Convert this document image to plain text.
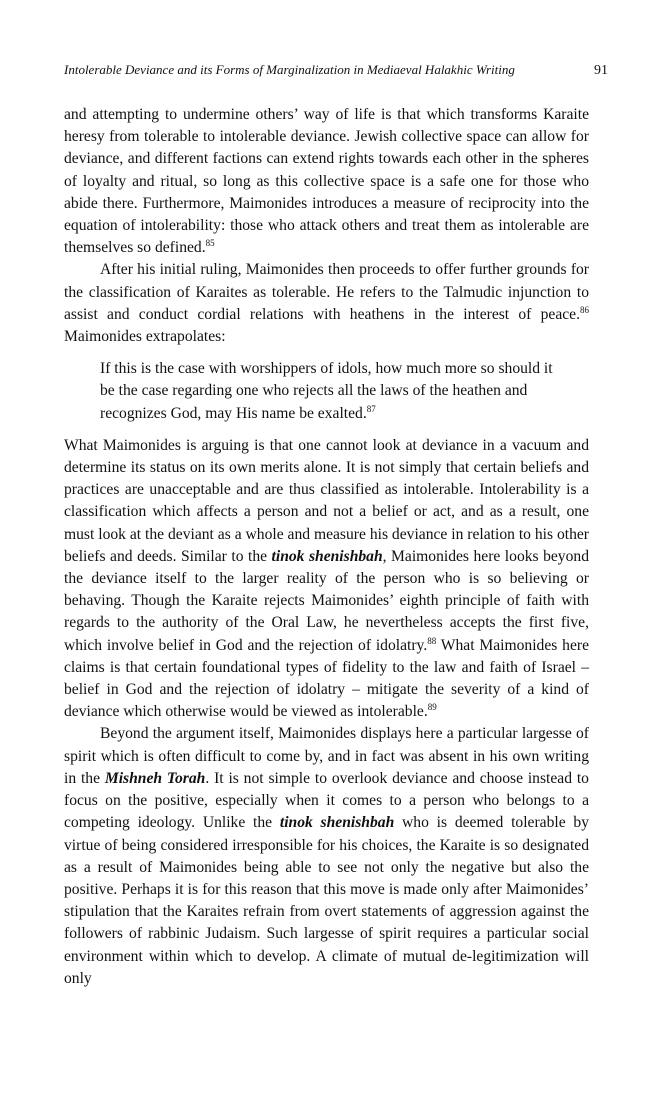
Intolerable Deviance and its Forms of Marginalization in Mediaeval Halakhic Writing	91

and attempting to undermine others’ way of life is that which transforms Karaite heresy from tolerable to intolerable deviance. Jewish collective space can allow for deviance, and different factions can extend rights towards each other in the spheres of loyalty and ritual, so long as this collective space is a safe one for those who abide there. Furthermore, Maimonides introduces a measure of reciprocity into the equation of intolerability: those who attack others and treat them as intolerable are themselves so defined.$^{85}$

After his initial ruling, Maimonides then proceeds to offer further grounds for the classification of Karaites as tolerable. He refers to the Talmudic injunction to assist and conduct cordial relations with heathens in the interest of peace.$^{86}$ Maimonides extrapolates:

If this is the case with worshippers of idols, how much more so should it be the case regarding one who rejects all the laws of the heathen and recognizes God, may His name be exalted.$^{87}$

What Maimonides is arguing is that one cannot look at deviance in a vacuum and determine its status on its own merits alone. It is not simply that certain beliefs and practices are unacceptable and are thus classified as intolerable. Intolerability is a classification which affects a person and not a belief or act, and as a result, one must look at the deviant as a whole and measure his deviance in relation to his other beliefs and deeds. Similar to the tinok shenishbah, Maimonides here looks beyond the deviance itself to the larger reality of the person who is so believing or behaving. Though the Karaite rejects Maimonides’ eighth principle of faith with regards to the authority of the Oral Law, he nevertheless accepts the first five, which involve belief in God and the rejection of idolatry.$^{88}$ What Maimonides here claims is that certain foundational types of fidelity to the law and faith of Israel – belief in God and the rejection of idolatry – mitigate the severity of a kind of deviance which otherwise would be viewed as intolerable.$^{89}$

Beyond the argument itself, Maimonides displays here a particular largesse of spirit which is often difficult to come by, and in fact was absent in his own writing in the Mishneh Torah. It is not simple to overlook deviance and choose instead to focus on the positive, especially when it comes to a person who belongs to a competing ideology. Unlike the tinok shenishbah who is deemed tolerable by virtue of being considered irresponsible for his choices, the Karaite is so designated as a result of Maimonides being able to see not only the negative but also the positive. Perhaps it is for this reason that this move is made only after Maimonides’ stipulation that the Karaites refrain from overt statements of aggression against the followers of rabbinic Judaism. Such largesse of spirit requires a particular social environment within which to develop. A climate of mutual de-legitimization will only
